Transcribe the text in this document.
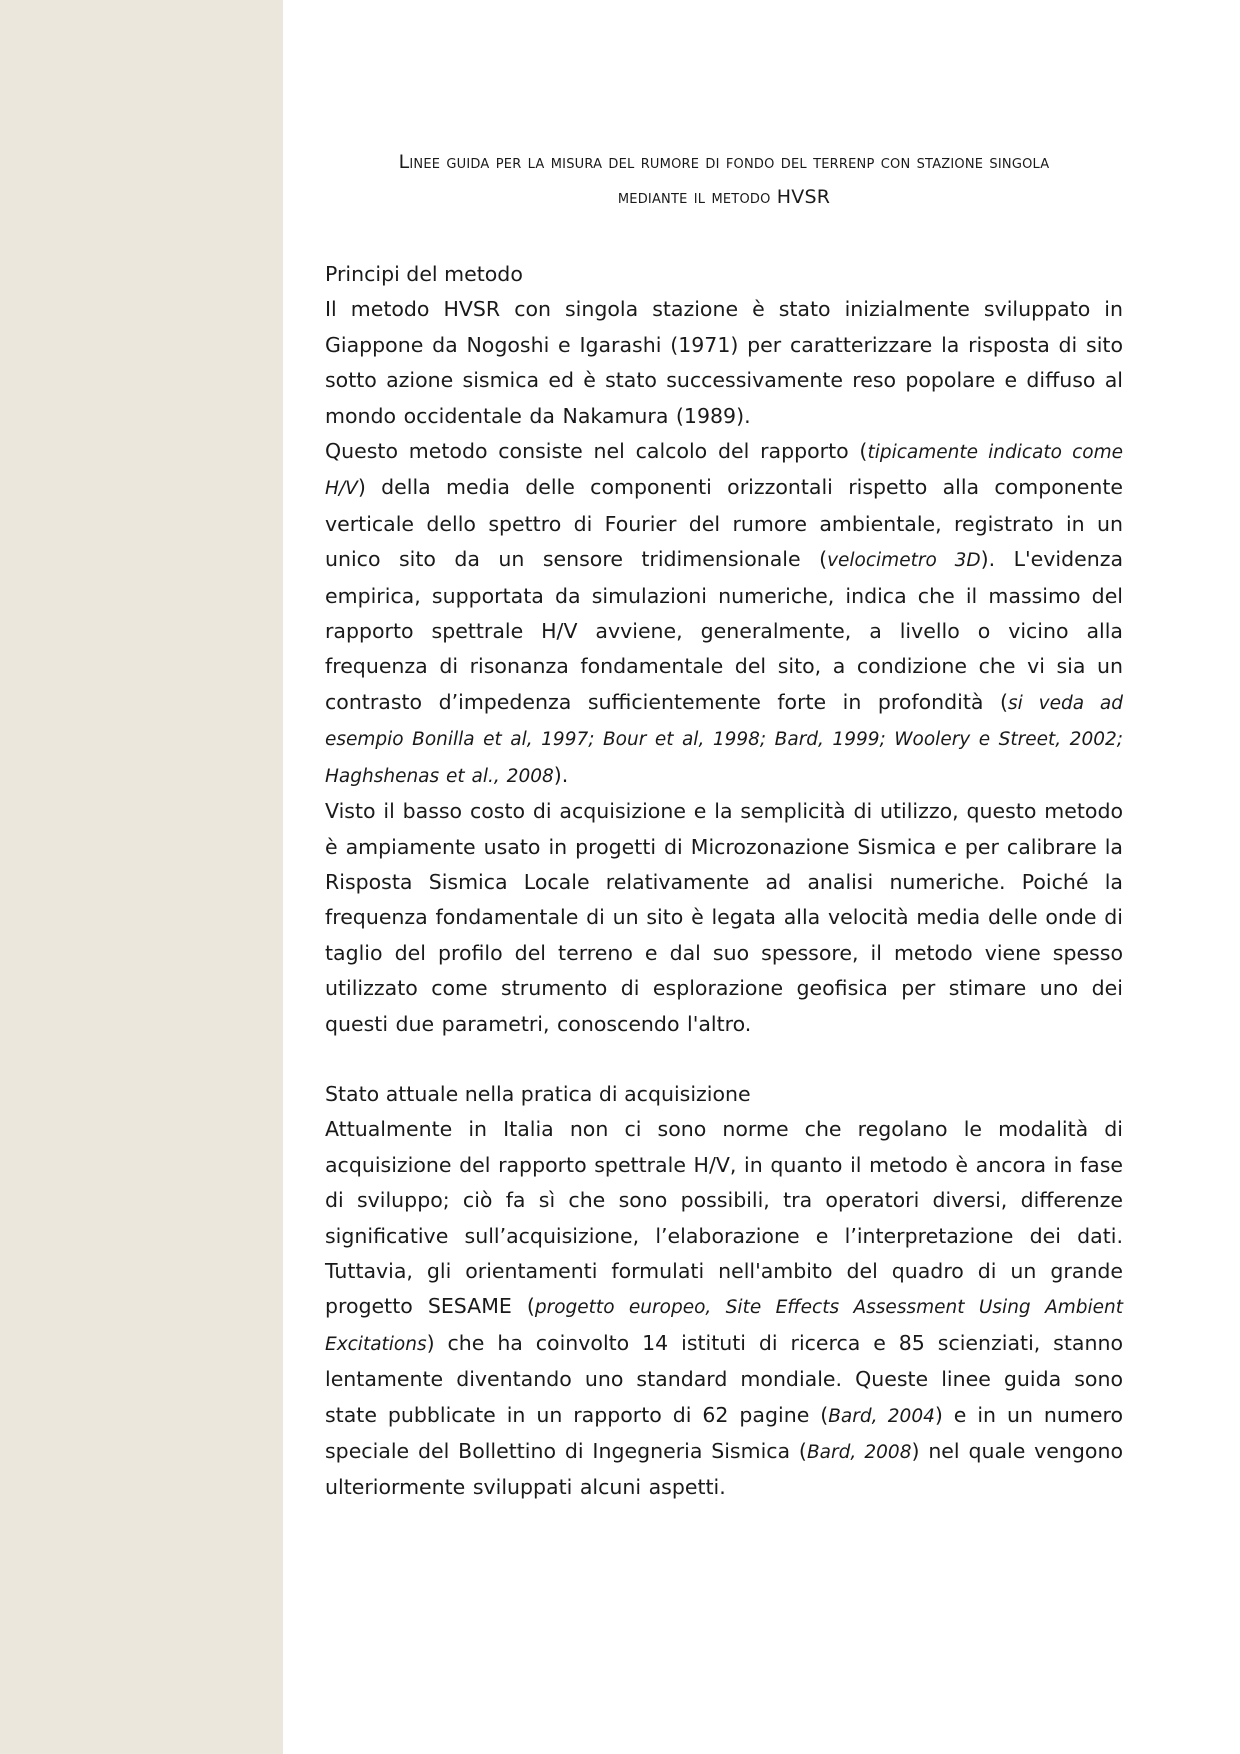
Linee guida per la misura del rumore di fondo del terrenp con stazione singola
mediante il metodo HVSR
Principi del metodo

Il metodo HVSR con singola stazione è stato inizialmente sviluppato in Giappone da Nogoshi e Igarashi (1971) per caratterizzare la risposta di sito sotto azione sismica ed è stato successivamente reso popolare e diffuso al mondo occidentale da Nakamura (1989).

Questo metodo consiste nel calcolo del rapporto (tipicamente indicato come H/V) della media delle componenti orizzontali rispetto alla componente verticale dello spettro di Fourier del rumore ambientale, registrato in un unico sito da un sensore tridimensionale (velocimetro 3D). L'evidenza empirica, supportata da simulazioni numeriche, indica che il massimo del rapporto spettrale H/V avviene, generalmente, a livello o vicino alla frequenza di risonanza fondamentale del sito, a condizione che vi sia un contrasto d’impedenza sufficientemente forte in profondità (si veda ad esempio Bonilla et al, 1997; Bour et al, 1998; Bard, 1999; Woolery e Street, 2002; Haghshenas et al., 2008).

Visto il basso costo di acquisizione e la semplicità di utilizzo, questo metodo è ampiamente usato in progetti di Microzonazione Sismica e per calibrare la Risposta Sismica Locale relativamente ad analisi numeriche. Poiché la frequenza fondamentale di un sito è legata alla velocità media delle onde di taglio del profilo del terreno e dal suo spessore, il metodo viene spesso utilizzato come strumento di esplorazione geofisica per stimare uno dei questi due parametri, conoscendo l'altro.

Stato attuale nella pratica di acquisizione

Attualmente in Italia non ci sono norme che regolano le modalità di acquisizione del rapporto spettrale H/V, in quanto il metodo è ancora in fase di sviluppo; ciò fa sì che sono possibili, tra operatori diversi, differenze significative sull’acquisizione, l’elaborazione e l’interpretazione dei dati. Tuttavia, gli orientamenti formulati nell'ambito del quadro di un grande progetto SESAME (progetto europeo, Site Effects Assessment Using Ambient Excitations) che ha coinvolto 14 istituti di ricerca e 85 scienziati, stanno lentamente diventando uno standard mondiale. Queste linee guida sono state pubblicate in un rapporto di 62 pagine (Bard, 2004) e in un numero speciale del Bollettino di Ingegneria Sismica (Bard, 2008) nel quale vengono ulteriormente sviluppati alcuni aspetti.
